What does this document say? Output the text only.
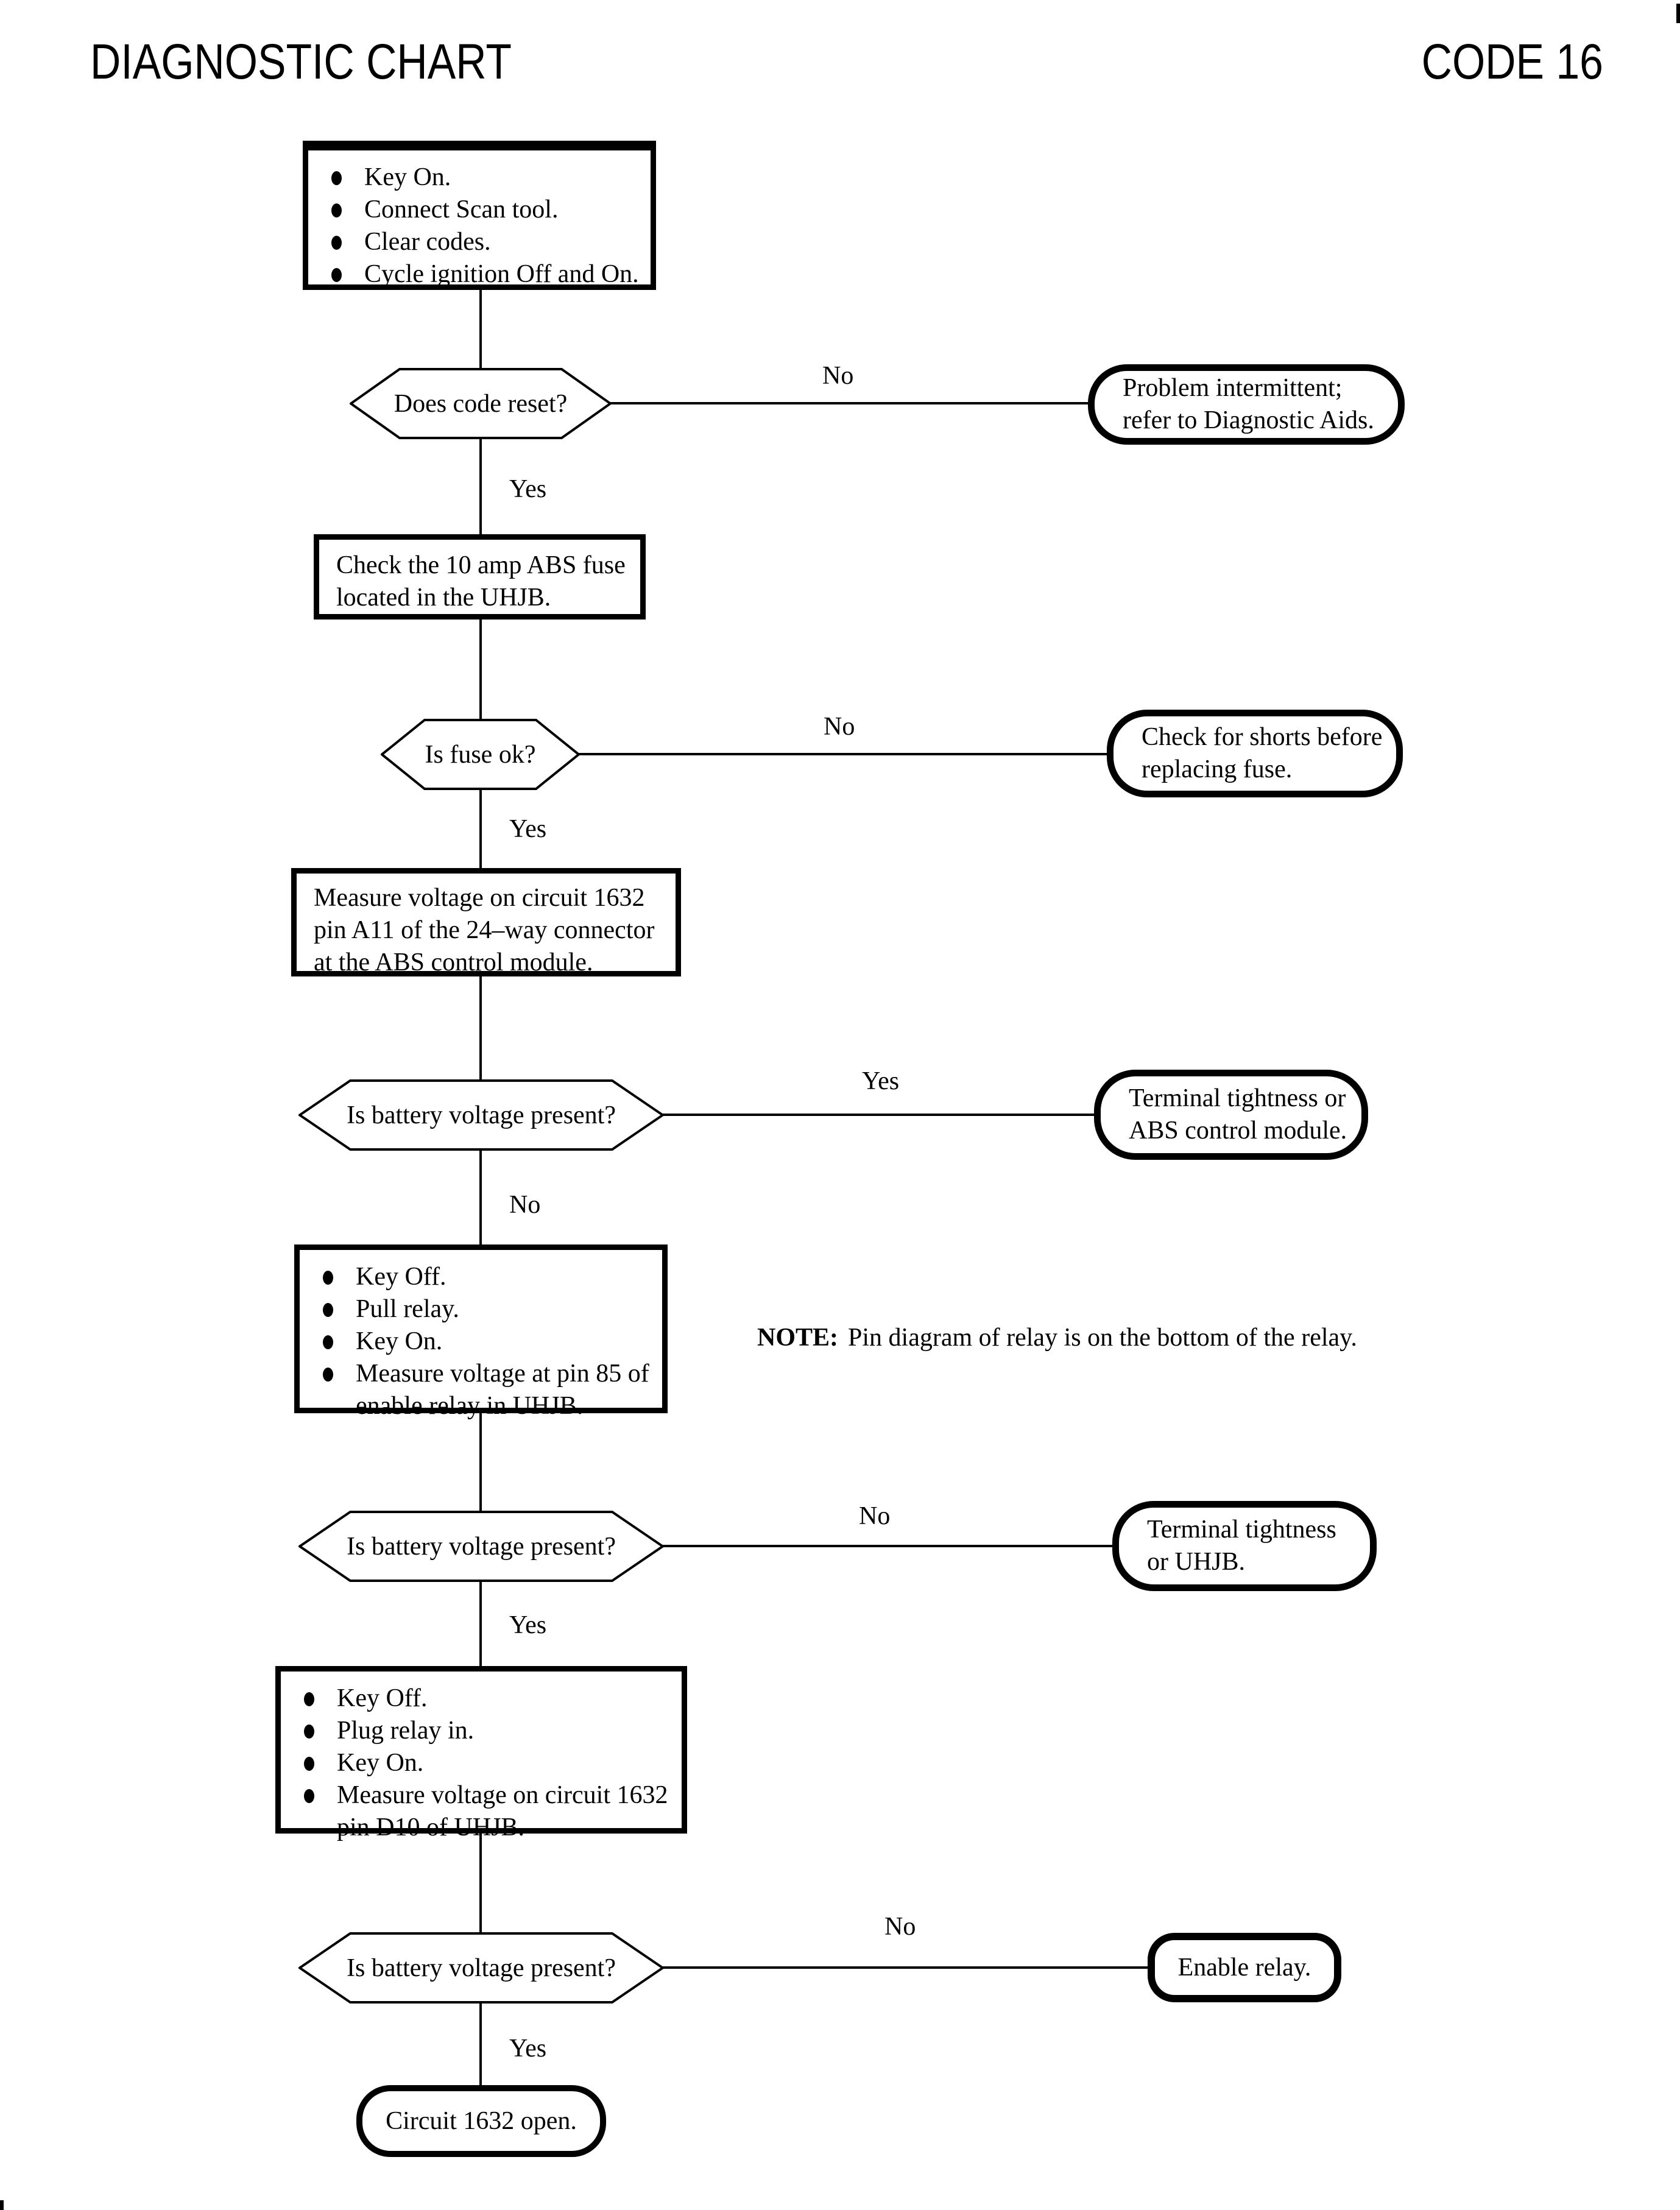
No
Yes
No
Yes
Yes
No
No
Yes
No
Yes
DIAGNOSTIC CHART	CODE 16
Key On.
Connect Scan tool.
Clear codes.
Cycle ignition Off and On.
Does code reset?
Problem intermittent;
refer to Diagnostic Aids.
Check the 10 amp ABS fuse
located in the UHJB.
Is fuse ok?
Check for shorts before
replacing fuse.
Measure voltage on circuit 1632
pin A11 of the 24–way connector
at the ABS control module.
Is battery voltage present?
Terminal tightness or
ABS control module.
Key Off.
Pull relay.
Key On.
Measure voltage at pin 85 of
enable relay in UHJB.
NOTE: Pin diagram of relay is on the bottom of the relay.
Is battery voltage present?
Terminal tightness
or UHJB.
Key Off.
Plug relay in.
Key On.
Measure voltage on circuit 1632
pin D10 of UHJB.
Is battery voltage present?	Enable relay.
Circuit 1632 open.
